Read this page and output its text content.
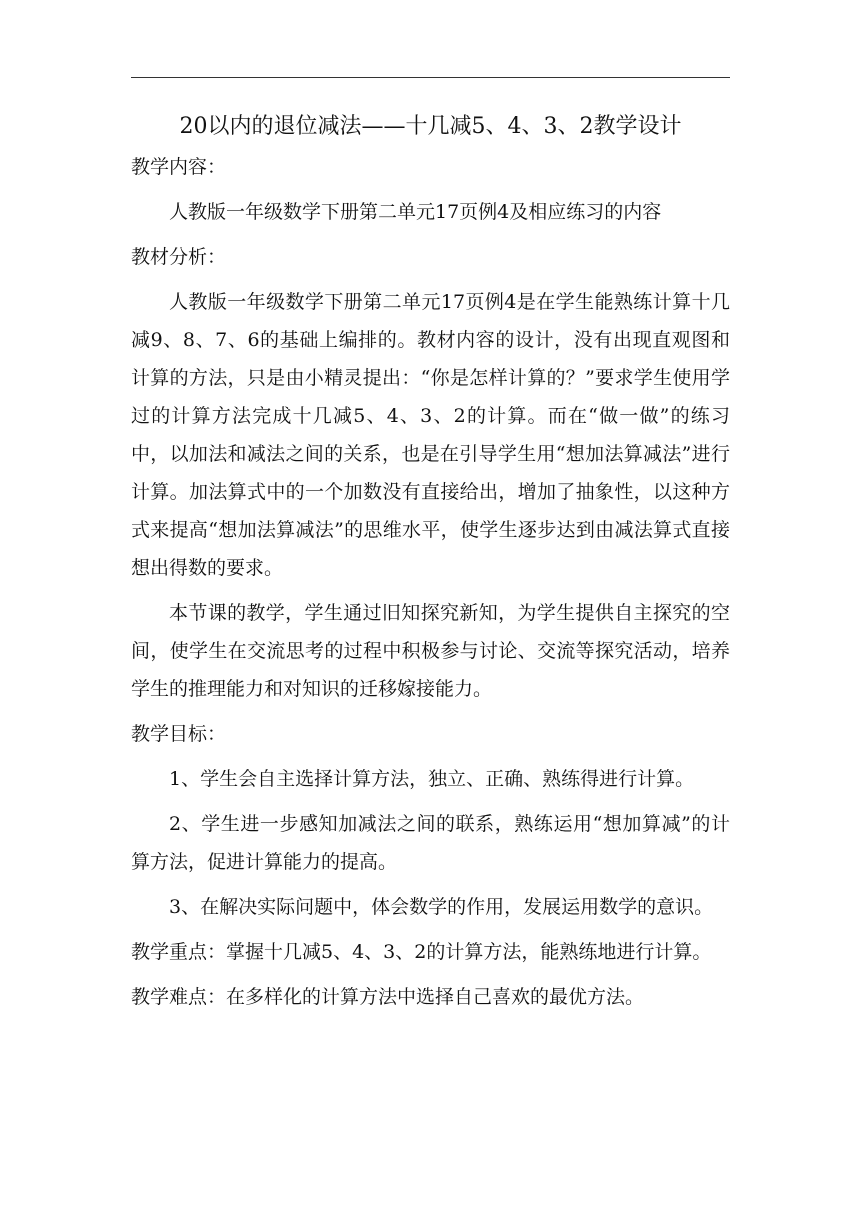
20以内的退位减法——十几减5、4、3、2教学设计
教学内容：
人教版一年级数学下册第二单元17页例4及相应练习的内容
教材分析：
人教版一年级数学下册第二单元17页例4是在学生能熟练计算十几减9、8、7、6的基础上编排的。教材内容的设计，没有出现直观图和计算的方法，只是由小精灵提出：“你是怎样计算的？”要求学生使用学过的计算方法完成十几减5、4、3、2的计算。而在“做一做”的练习中，以加法和减法之间的关系，也是在引导学生用“想加法算减法”进行计算。加法算式中的一个加数没有直接给出，增加了抽象性，以这种方式来提高“想加法算减法”的思维水平，使学生逐步达到由减法算式直接想出得数的要求。
本节课的教学，学生通过旧知探究新知，为学生提供自主探究的空间，使学生在交流思考的过程中积极参与讨论、交流等探究活动，培养学生的推理能力和对知识的迁移嫁接能力。
教学目标：
1、学生会自主选择计算方法，独立、正确、熟练得进行计算。
2、学生进一步感知加减法之间的联系，熟练运用“想加算减”的计算方法，促进计算能力的提高。
3、在解决实际问题中，体会数学的作用，发展运用数学的意识。
教学重点：掌握十几减5、4、3、2的计算方法，能熟练地进行计算。
教学难点：在多样化的计算方法中选择自己喜欢的最优方法。
